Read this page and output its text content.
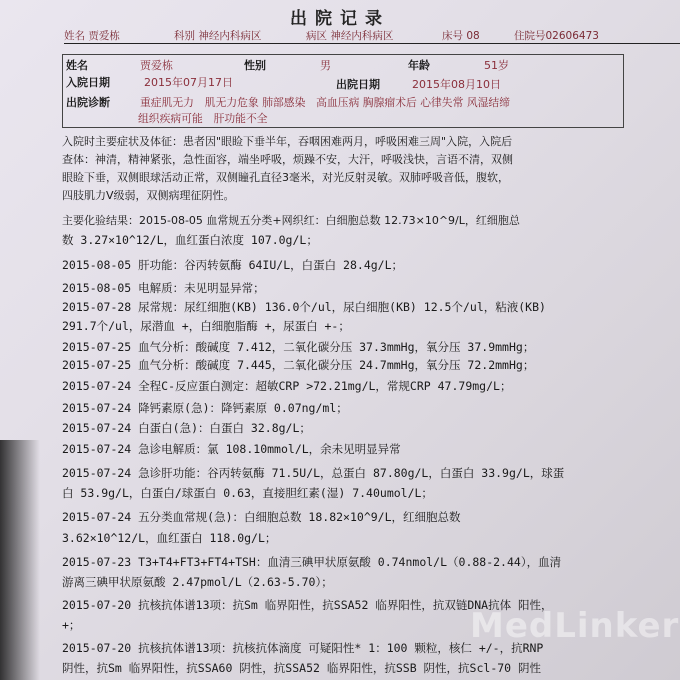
出院记录
姓名 贾爱栋	科别 神经内科病区	病区 神经内科病区	床号 08	住院号02606473
姓名	贾爱栋	性别	男	年龄	51岁
入院日期	2015年07月17日	出院日期	2015年08月10日
出院诊断	重症肌无力　肌无力危象 肺部感染　高血压病 胸腺瘤术后 心律失常 风湿结缔
组织疾病可能　肝功能不全
入院时主要症状及体征：患者因"眼睑下垂半年，吞咽困难两月，呼吸困难三周"入院，入院后
查体：神清，精神紧张，急性面容，端坐呼吸，烦躁不安，大汗，呼吸浅快，言语不清，双侧
眼睑下垂，双侧眼球活动正常，双侧瞳孔直径3毫米，对光反射灵敏。双肺呼吸音低，腹软，
四肢肌力V级弱，双侧病理征阴性。
主要化验结果：2015-08-05 血常规五分类+网织红：白细胞总数 12.73×10^9/L，红细胞总
数 3.27×10^12/L，血红蛋白浓度 107.0g/L；
2015-08-05 肝功能：谷丙转氨酶 64IU/L，白蛋白 28.4g/L；
2015-08-05 电解质：未见明显异常；
2015-07-28 尿常规：尿红细胞(KB) 136.0个/ul，尿白细胞(KB) 12.5个/ul，粘液(KB)
291.7个/ul，尿潜血 +，白细胞脂酶 +，尿蛋白 +-；
2015-07-25 血气分析：酸碱度 7.412，二氧化碳分压 37.3mmHg，氧分压 37.9mmHg；
2015-07-25 血气分析：酸碱度 7.445，二氧化碳分压 24.7mmHg，氧分压 72.2mmHg；
2015-07-24 全程C-反应蛋白测定：超敏CRP >72.21mg/L，常规CRP 47.79mg/L；
2015-07-24 降钙素原(急)：降钙素原 0.07ng/ml；
2015-07-24 白蛋白(急)：白蛋白 32.8g/L；
2015-07-24 急诊电解质：氯 108.10mmol/L，余未见明显异常
2015-07-24 急诊肝功能：谷丙转氨酶 71.5U/L，总蛋白 87.80g/L，白蛋白 33.9g/L，球蛋
白 53.9g/L，白蛋白/球蛋白 0.63，直接胆红素(湿) 7.40umol/L；
2015-07-24 五分类血常规(急)：白细胞总数 18.82×10^9/L，红细胞总数
3.62×10^12/L，血红蛋白 118.0g/L；
2015-07-23 T3+T4+FT3+FT4+TSH：血清三碘甲状原氨酸 0.74nmol/L（0.88-2.44），血清
游离三碘甲状原氨酸 2.47pmol/L（2.63-5.70）；
2015-07-20 抗核抗体谱13项：抗Sm 临界阳性，抗SSA52 临界阳性，抗双链DNA抗体 阳性，
+；
2015-07-20 抗核抗体谱13项：抗核抗体滴度 可疑阳性* 1：100 颗粒，核仁 +/-，抗RNP
阴性，抗Sm 临界阳性，抗SSA60 阴性，抗SSA52 临界阳性，抗SSB 阴性，抗Scl-70 阴性
MedLinker
